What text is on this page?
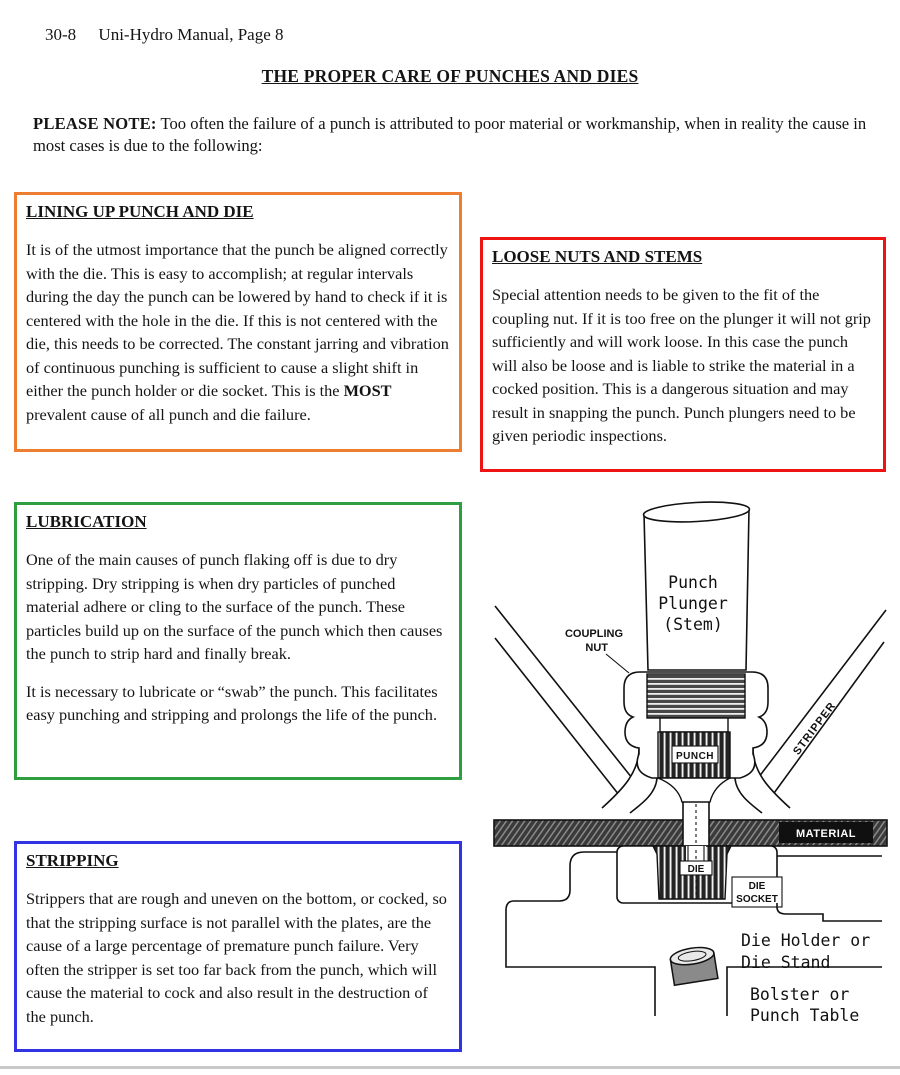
30-8 Uni-Hydro Manual, Page 8
THE PROPER CARE OF PUNCHES AND DIES
PLEASE NOTE: Too often the failure of a punch is attributed to poor material or workmanship, when in reality the cause in most cases is due to the following:
LINING UP PUNCH AND DIE

It is of the utmost importance that the punch be aligned correctly with the die. This is easy to accomplish; at regular intervals during the day the punch can be lowered by hand to check if it is centered with the hole in the die. If this is not centered with the die, this needs to be corrected. The constant jarring and vibration of continuous punching is sufficient to cause a slight shift in either the punch holder or die socket. This is the MOST prevalent cause of all punch and die failure.

LOOSE NUTS AND STEMS

Special attention needs to be given to the fit of the coupling nut. If it is too free on the plunger it will not grip sufficiently and will work loose. In this case the punch will also be loose and is liable to strike the material in a cocked position. This is a dangerous situation and may result in snapping the punch. Punch plungers need to be given periodic inspections.

LUBRICATION

One of the main causes of punch flaking off is due to dry stripping. Dry stripping is when dry particles of punched material adhere or cling to the surface of the punch. These particles build up on the surface of the punch which then causes the punch to strip hard and finally break.

It is necessary to lubricate or “swab” the punch. This facilitates easy punching and stripping and prolongs the life of the punch.

STRIPPING

Strippers that are rough and uneven on the bottom, or cocked, so that the stripping surface is not parallel with the plates, are the cause of a large percentage of premature punch failure. Very often the stripper is set too far back from the punch, which will cause the material to cock and also result in the destruction of the punch.

STRIPPER
MATERIAL
Punch
Plunger
(Stem)
COUPLING
NUT
PUNCH
DIE
DIE
SOCKET
Die Holder or
Die Stand
Bolster or
Punch Table
